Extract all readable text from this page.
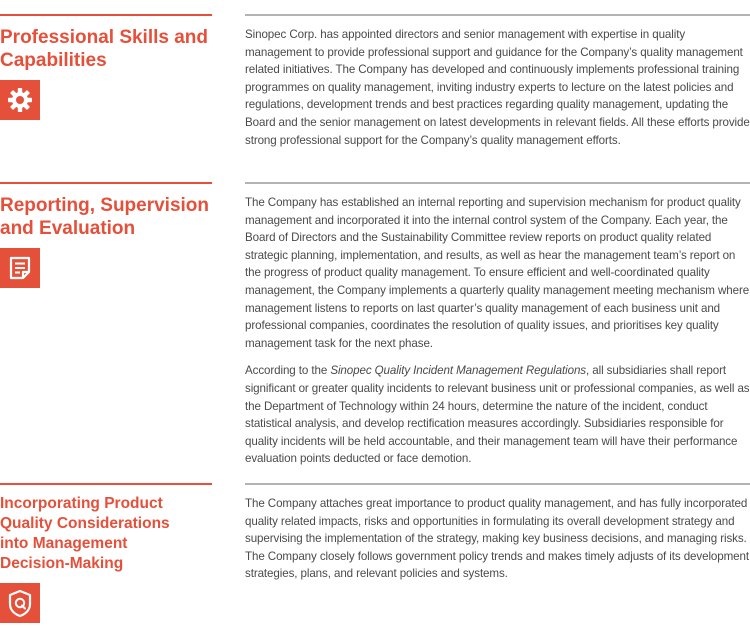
Professional Skills and
Capabilities

Sinopec Corp. has appointed directors and senior management with expertise in quality management to provide professional support and guidance for the Company’s quality management related initiatives. The Company has developed and continuously implements professional training programmes on quality management, inviting industry experts to lecture on the latest policies and regulations, development trends and best practices regarding quality management, updating the Board and the senior management on latest developments in relevant fields. All these efforts provide strong professional support for the Company’s quality management efforts.

Reporting, Supervision
and Evaluation

The Company has established an internal reporting and supervision mechanism for product quality management and incorporated it into the internal control system of the Company. Each year, the Board of Directors and the Sustainability Committee review reports on product quality related strategic planning, implementation, and results, as well as hear the management team’s report on the progress of product quality management. To ensure efficient and well-coordinated quality management, the Company implements a quarterly quality management meeting mechanism where management listens to reports on last quarter’s quality management of each business unit and professional companies, coordinates the resolution of quality issues, and prioritises key quality management task for the next phase.

According to the Sinopec Quality Incident Management Regulations, all subsidiaries shall report significant or greater quality incidents to relevant business unit or professional companies, as well as the Department of Technology within 24 hours, determine the nature of the incident, conduct statistical analysis, and develop rectification measures accordingly. Subsidiaries responsible for quality incidents will be held accountable, and their management team will have their performance evaluation points deducted or face demotion.

Incorporating Product
Quality Considerations
into Management
Decision-Making

The Company attaches great importance to product quality management, and has fully incorporated quality related impacts, risks and opportunities in formulating its overall development strategy and supervising the implementation of the strategy, making key business decisions, and managing risks. The Company closely follows government policy trends and makes timely adjusts of its development strategies, plans, and relevant policies and systems.
